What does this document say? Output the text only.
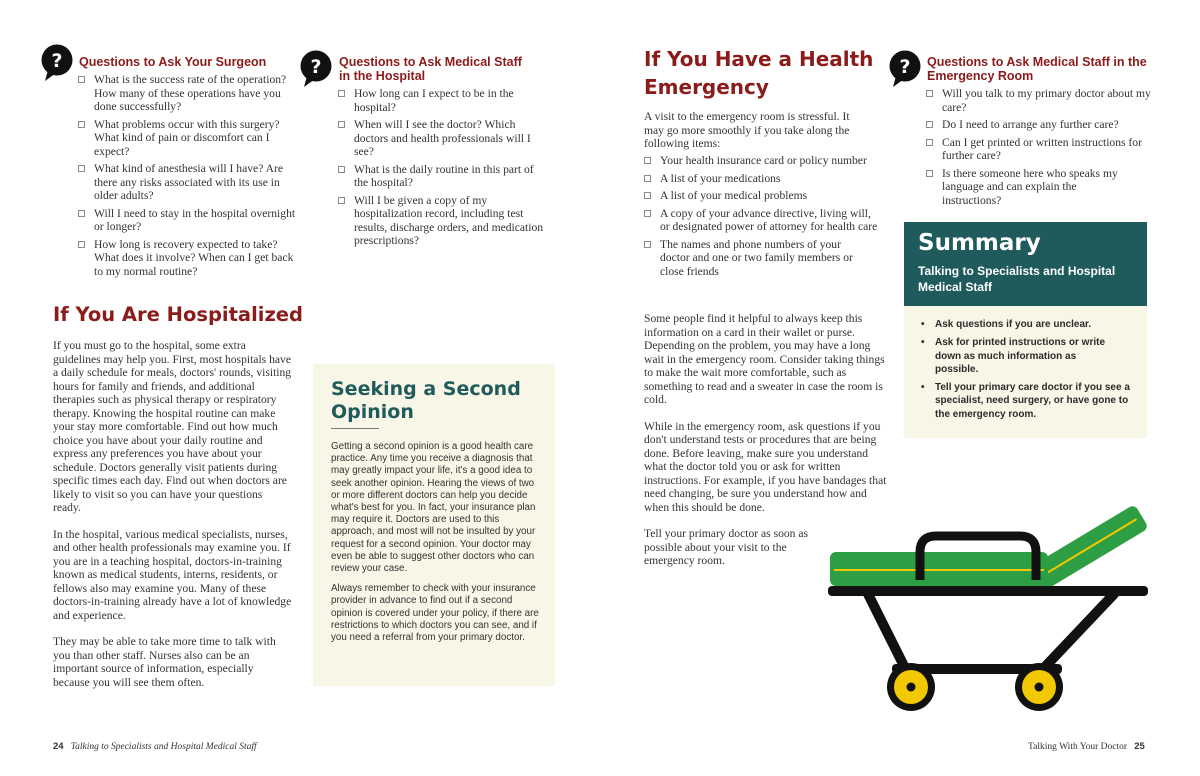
? Questions to Ask Your Surgeon
What is the success rate of the operation? How many of these operations have you done successfully?
What problems occur with this surgery? What kind of pain or discomfort can I expect?
What kind of anesthesia will I have? Are there any risks associated with its use in older adults?
Will I need to stay in the hospital overnight or longer?
How long is recovery expected to take? What does it involve? When can I get back to my normal routine?
? Questions to Ask Medical Staff
in the Hospital
How long can I expect to be in the hospital?
When will I see the doctor? Which doctors and health professionals will I see?
What is the daily routine in this part of the hospital?
Will I be given a copy of my hospitalization record, including test results, discharge orders, and medication prescriptions?
If You Are Hospitalized

If you must go to the hospital, some extra guidelines may help you. First, most hospitals have a daily schedule for meals, doctors' rounds, visiting hours for family and friends, and additional therapies such as physical therapy or respiratory therapy. Knowing the hospital routine can make your stay more comfortable. Find out how much choice you have about your daily routine and express any preferences you have about your schedule. Doctors generally visit patients during specific times each day. Find out when doctors are likely to visit so you can have your questions ready.

In the hospital, various medical specialists, nurses, and other health professionals may examine you. If you are in a teaching hospital, doctors-in-training known as medical students, interns, residents, or fellows also may examine you. Many of these doctors-in-training already have a lot of knowledge and experience.

They may be able to take more time to talk with you than other staff. Nurses also can be an important source of information, especially because you will see them often.

Seeking a Second Opinion

Getting a second opinion is a good health care practice. Any time you receive a diagnosis that may greatly impact your life, it's a good idea to seek another opinion. Hearing the views of two or more different doctors can help you decide what's best for you. In fact, your insurance plan may require it. Doctors are used to this approach, and most will not be insulted by your request for a second opinion. Your doctor may even be able to suggest other doctors who can review your case.

Always remember to check with your insurance provider in advance to find out if a second opinion is covered under your policy, if there are restrictions to which doctors you can see, and if you need a referral from your primary doctor.

24 Talking to Specialists and Hospital Medical Staff
If You Have a Health
Emergency
A visit to the emergency room is stressful. It may go more smoothly if you take along the following items:
Your health insurance card or policy number
A list of your medications
A list of your medical problems
A copy of your advance directive, living will, or designated power of attorney for health care
The names and phone numbers of your doctor and one or two family members or close friends

Some people find it helpful to always keep this information on a card in their wallet or purse. Depending on the problem, you may have a long wait in the emergency room. Consider taking things to make the wait more comfortable, such as something to read and a sweater in case the room is cold.

While in the emergency room, ask questions if you don't understand tests or procedures that are being done. Before leaving, make sure you understand what the doctor told you or ask for written instructions. For example, if you have bandages that need changing, be sure you understand how and when this should be done.

Tell your primary doctor as soon as possible about your visit to the emergency room.

? Questions to Ask Medical Staff in the
Emergency Room
Will you talk to my primary doctor about my care?
Do I need to arrange any further care?
Can I get printed or written instructions for further care?
Is there someone here who speaks my language and can explain the instructions?
Summary
Talking to Specialists and Hospital Medical Staff
• Ask questions if you are unclear.
• Ask for printed instructions or write down as much information as possible.
• Tell your primary care doctor if you see a specialist, need surgery, or have gone to the emergency room.
Talking With Your Doctor 25
